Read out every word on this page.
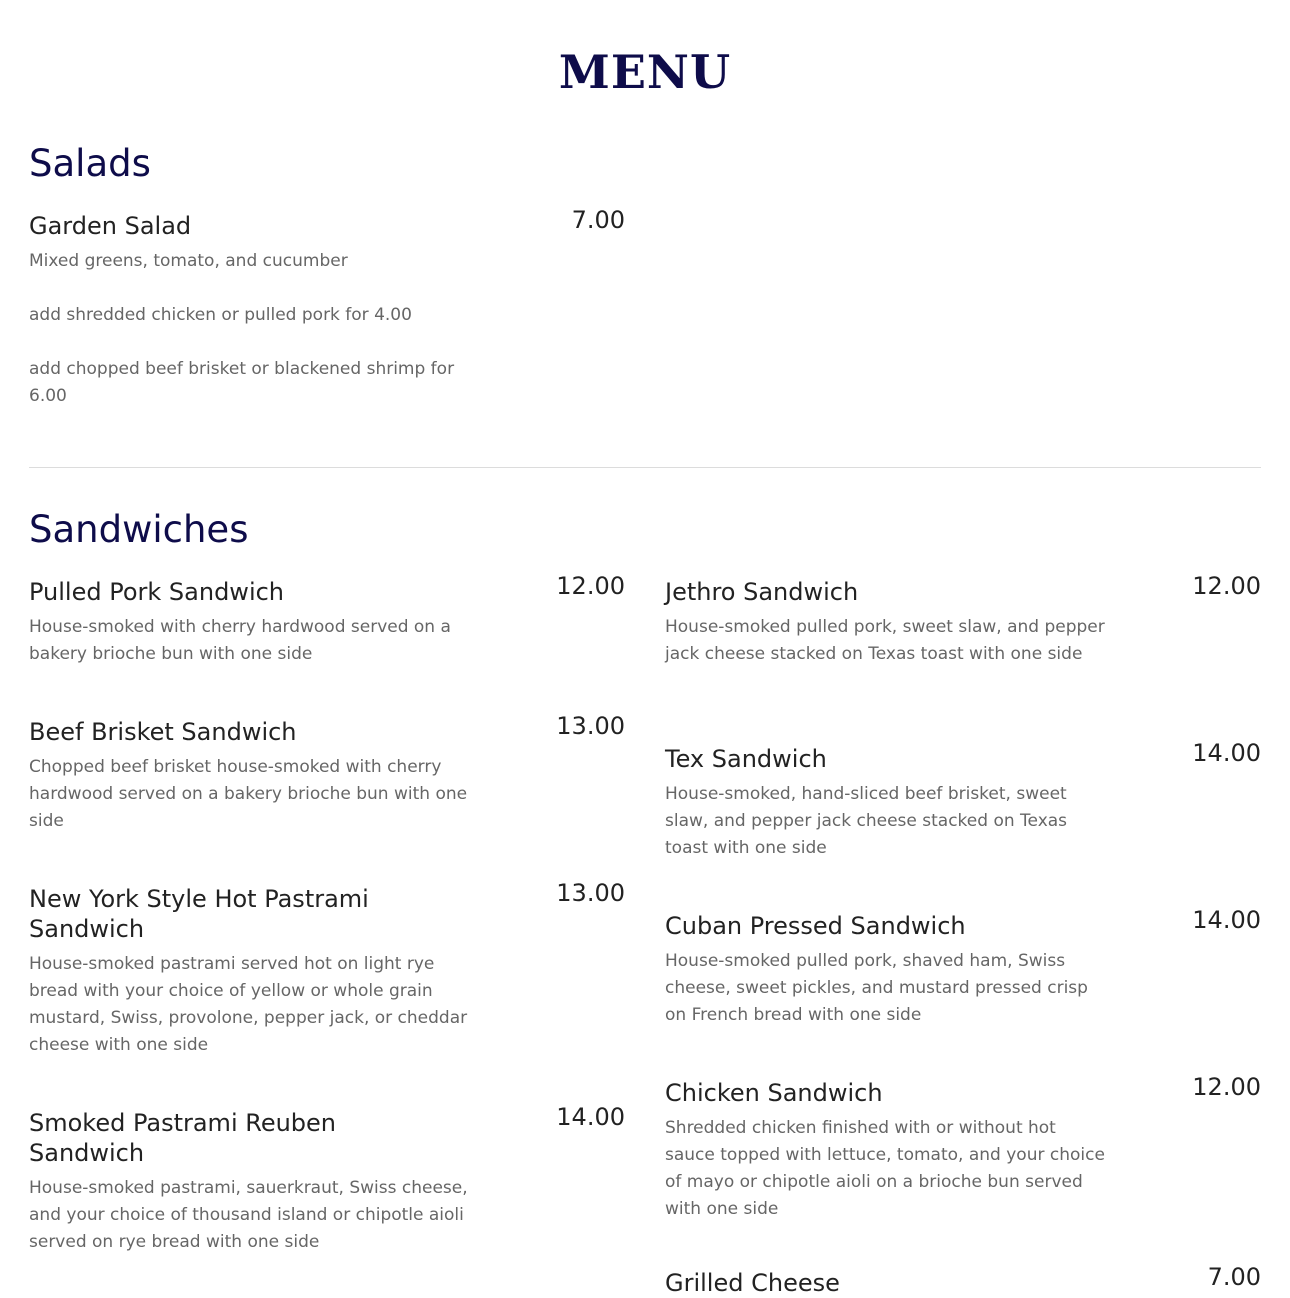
MENU
Salads
Garden Salad	7.00

Mixed greens, tomato, and cucumber

add shredded chicken or pulled pork for 4.00

add chopped beef brisket or blackened shrimp for 6.00

Sandwiches
Pulled Pork Sandwich	12.00

House-smoked with cherry hardwood served on a bakery brioche bun with one side

Beef Brisket Sandwich	13.00

Chopped beef brisket house-smoked with cherry hardwood served on a bakery brioche bun with one side

New York Style Hot Pastrami Sandwich
13.00

House-smoked pastrami served hot on light rye bread with your choice of yellow or whole grain mustard, Swiss, provolone, pepper jack, or cheddar cheese with one side

Smoked Pastrami Reuben Sandwich
14.00

House-smoked pastrami, sauerkraut, Swiss cheese, and your choice of thousand island or chipotle aioli served on rye bread with one side

Jethro Sandwich	12.00

House-smoked pulled pork, sweet slaw, and pepper jack cheese stacked on Texas toast with one side

Tex Sandwich	14.00

House-smoked, hand-sliced beef brisket, sweet slaw, and pepper jack cheese stacked on Texas toast with one side

Cuban Pressed Sandwich	14.00

House-smoked pulled pork, shaved ham, Swiss cheese, sweet pickles, and mustard pressed crisp on French bread with one side

Chicken Sandwich	12.00

Shredded chicken finished with or without hot sauce topped with lettuce, tomato, and your choice of mayo or chipotle aioli on a brioche bun served with one side

Grilled Cheese	7.00
